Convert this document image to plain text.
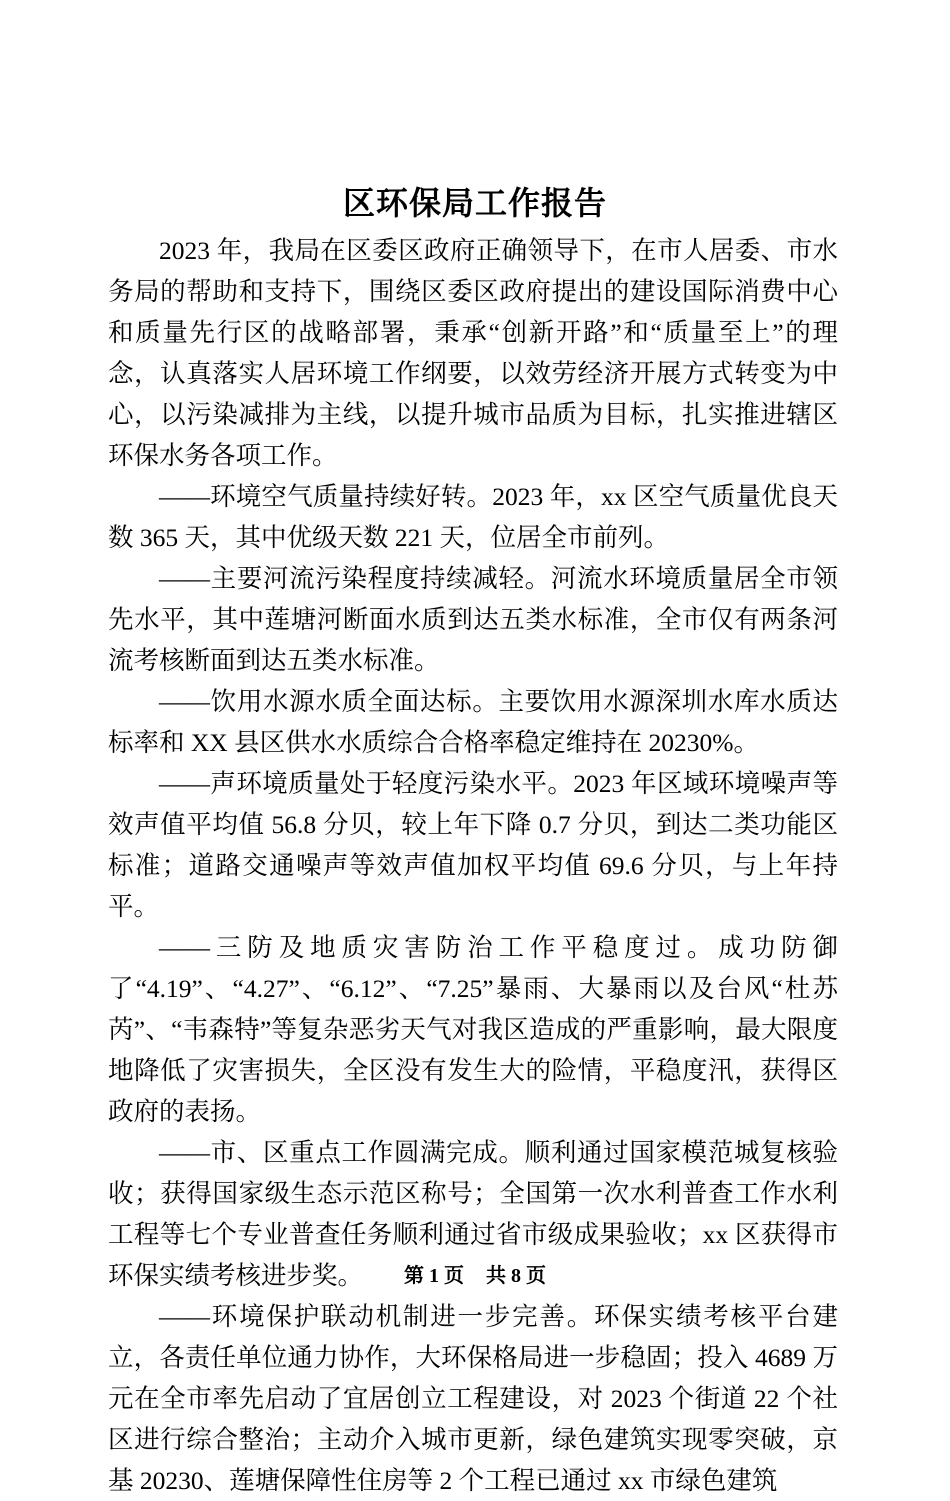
区环保局工作报告

2023 年，我局在区委区政府正确领导下，在市人居委、市水务局的帮助和支持下，围绕区委区政府提出的建设国际消费中心和质量先行区的战略部署，秉承“创新开路”和“质量至上”的理念，认真落实人居环境工作纲要，以效劳经济开展方式转变为中心，以污染减排为主线，以提升城市品质为目标，扎实推进辖区环保水务各项工作。

——环境空气质量持续好转。2023 年，xx 区空气质量优良天数 365 天，其中优级天数 221 天，位居全市前列。

——主要河流污染程度持续减轻。河流水环境质量居全市领先水平，其中莲塘河断面水质到达五类水标准，全市仅有两条河流考核断面到达五类水标准。

——饮用水源水质全面达标。主要饮用水源深圳水库水质达标率和 XX 县区供水水质综合合格率稳定维持在 20230%。

——声环境质量处于轻度污染水平。2023 年区域环境噪声等效声值平均值 56.8 分贝，较上年下降 0.7 分贝，到达二类功能区标准；道路交通噪声等效声值加权平均值 69.6 分贝，与上年持平。

——三防及地质灾害防治工作平稳度过。成功防御了“4.19”、“4.27”、“6.12”、“7.25”暴雨、大暴雨以及台风“杜苏芮”、“韦森特”等复杂恶劣天气对我区造成的严重影响，最大限度地降低了灾害损失，全区没有发生大的险情，平稳度汛，获得区政府的表扬。

——市、区重点工作圆满完成。顺利通过国家模范城复核验收；获得国家级生态示范区称号；全国第一次水利普查工作水利工程等七个专业普查任务顺利通过省市级成果验收；xx 区获得市环保实绩考核进步奖。

——环境保护联动机制进一步完善。环保实绩考核平台建立，各责任单位通力协作，大环保格局进一步稳固；投入 4689 万元在全市率先启动了宜居创立工程建设，对 2023 个街道 22 个社区进行综合整治；主动介入城市更新，绿色建筑实现零突破，京基 20230、莲塘保障性住房等 2 个工程已通过 xx 市绿色建筑

第 1 页 共 8 页
